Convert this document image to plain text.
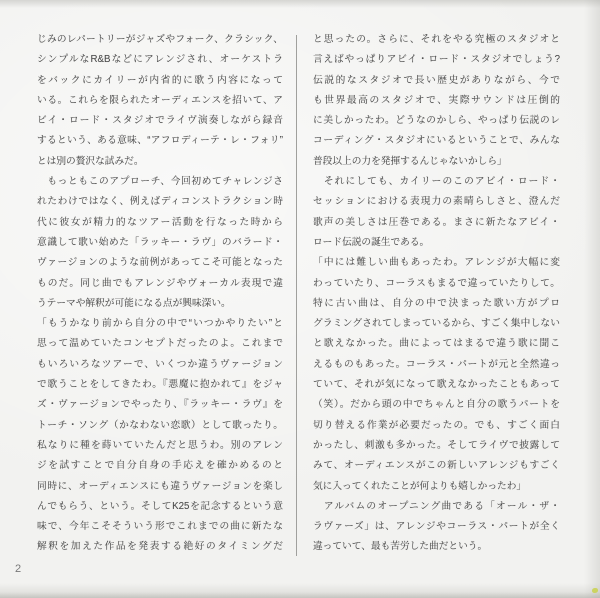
じみのレパートリーがジャズやフォーク、クラシック、
シンプルなR&Bなどにアレンジされ、オーケストラ
をバックにカイリーが内省的に歌う内容になって
いる。これらを限られたオーディエンスを招いて、ア
ビイ・ロード・スタジオでライヴ演奏しながら録音
するという、ある意味、“アフロディーテ・レ・フォリ”
とは別の贅沢な試みだ。
　もっともこのアプローチ、今回初めてチャレンジさ
れたわけではなく、例えばディコンストラクション時
代に彼女が精力的なツアー活動を行なった時から
意識して歌い始めた「ラッキー・ラヴ」のバラード・
ヴァージョンのような前例があってこそ可能となった
ものだ。同じ曲でもアレンジやヴォーカル表現で違
うテーマや解釈が可能になる点が興味深い。
「もうかなり前から自分の中で“いつかやりたい”と
思って温めていたコンセプトだったのよ。これまで
もいろいろなツアーで、いくつか違うヴァージョン
で歌うことをしてきたわ。『悪魔に抱かれて』をジャ
ズ・ヴァージョンでやったり、『ラッキー・ラヴ』を
トーチ・ソング（かなわない恋歌）として歌ったり。
私なりに種を蒔いていたんだと思うわ。別のアレン
ジを試すことで自分自身の手応えを確かめるのと
同時に、オーディエンスにも違うヴァージョンを楽し
んでもらう、という。そしてK25を記念するという意
味で、今年こそそういう形でこれまでの曲に新たな
解釈を加えた作品を発表する絶好のタイミングだ
と思ったの。さらに、それをやる究極のスタジオと
言えばやっぱりアビイ・ロード・スタジオでしょう?
伝説的なスタジオで長い歴史がありながら、今で
も世界最高のスタジオで、実際サウンドは圧倒的
に美しかったわ。どうなのかしら、やっぱり伝説のレ
コーディング・スタジオにいるということで、みんな
普段以上の力を発揮するんじゃないかしら」
　それにしても、カイリーのこのアビイ・ロード・
セッションにおける表現力の素晴らしさと、澄んだ
歌声の美しさは圧巻である。まさに新たなアビイ・
ロード伝説の誕生である。
「中には難しい曲もあったわ。アレンジが大幅に変
わっていたり、コーラスもまるで違っていたりして。
特に古い曲は、自分の中で決まった歌い方がプロ
グラミングされてしまっているから、すごく集中しない
と歌えなかった。曲によってはまるで違う歌に聞こ
えるものもあった。コーラス・パートが元と全然違っ
ていて、それが気になって歌えなかったこともあって
（笑）。だから頭の中でちゃんと自分の歌うパートを
切り替える作業が必要だったの。でも、すごく面白
かったし、刺激も多かった。そしてライヴで披露して
みて、オーディエンスがこの新しいアレンジもすごく
気に入ってくれたことが何よりも嬉しかったわ」
　アルバムのオープニング曲である「オール・ザ・
ラヴァーズ」は、アレンジやコーラス・パートが全く
違っていて、最も苦労した曲だという。
2
